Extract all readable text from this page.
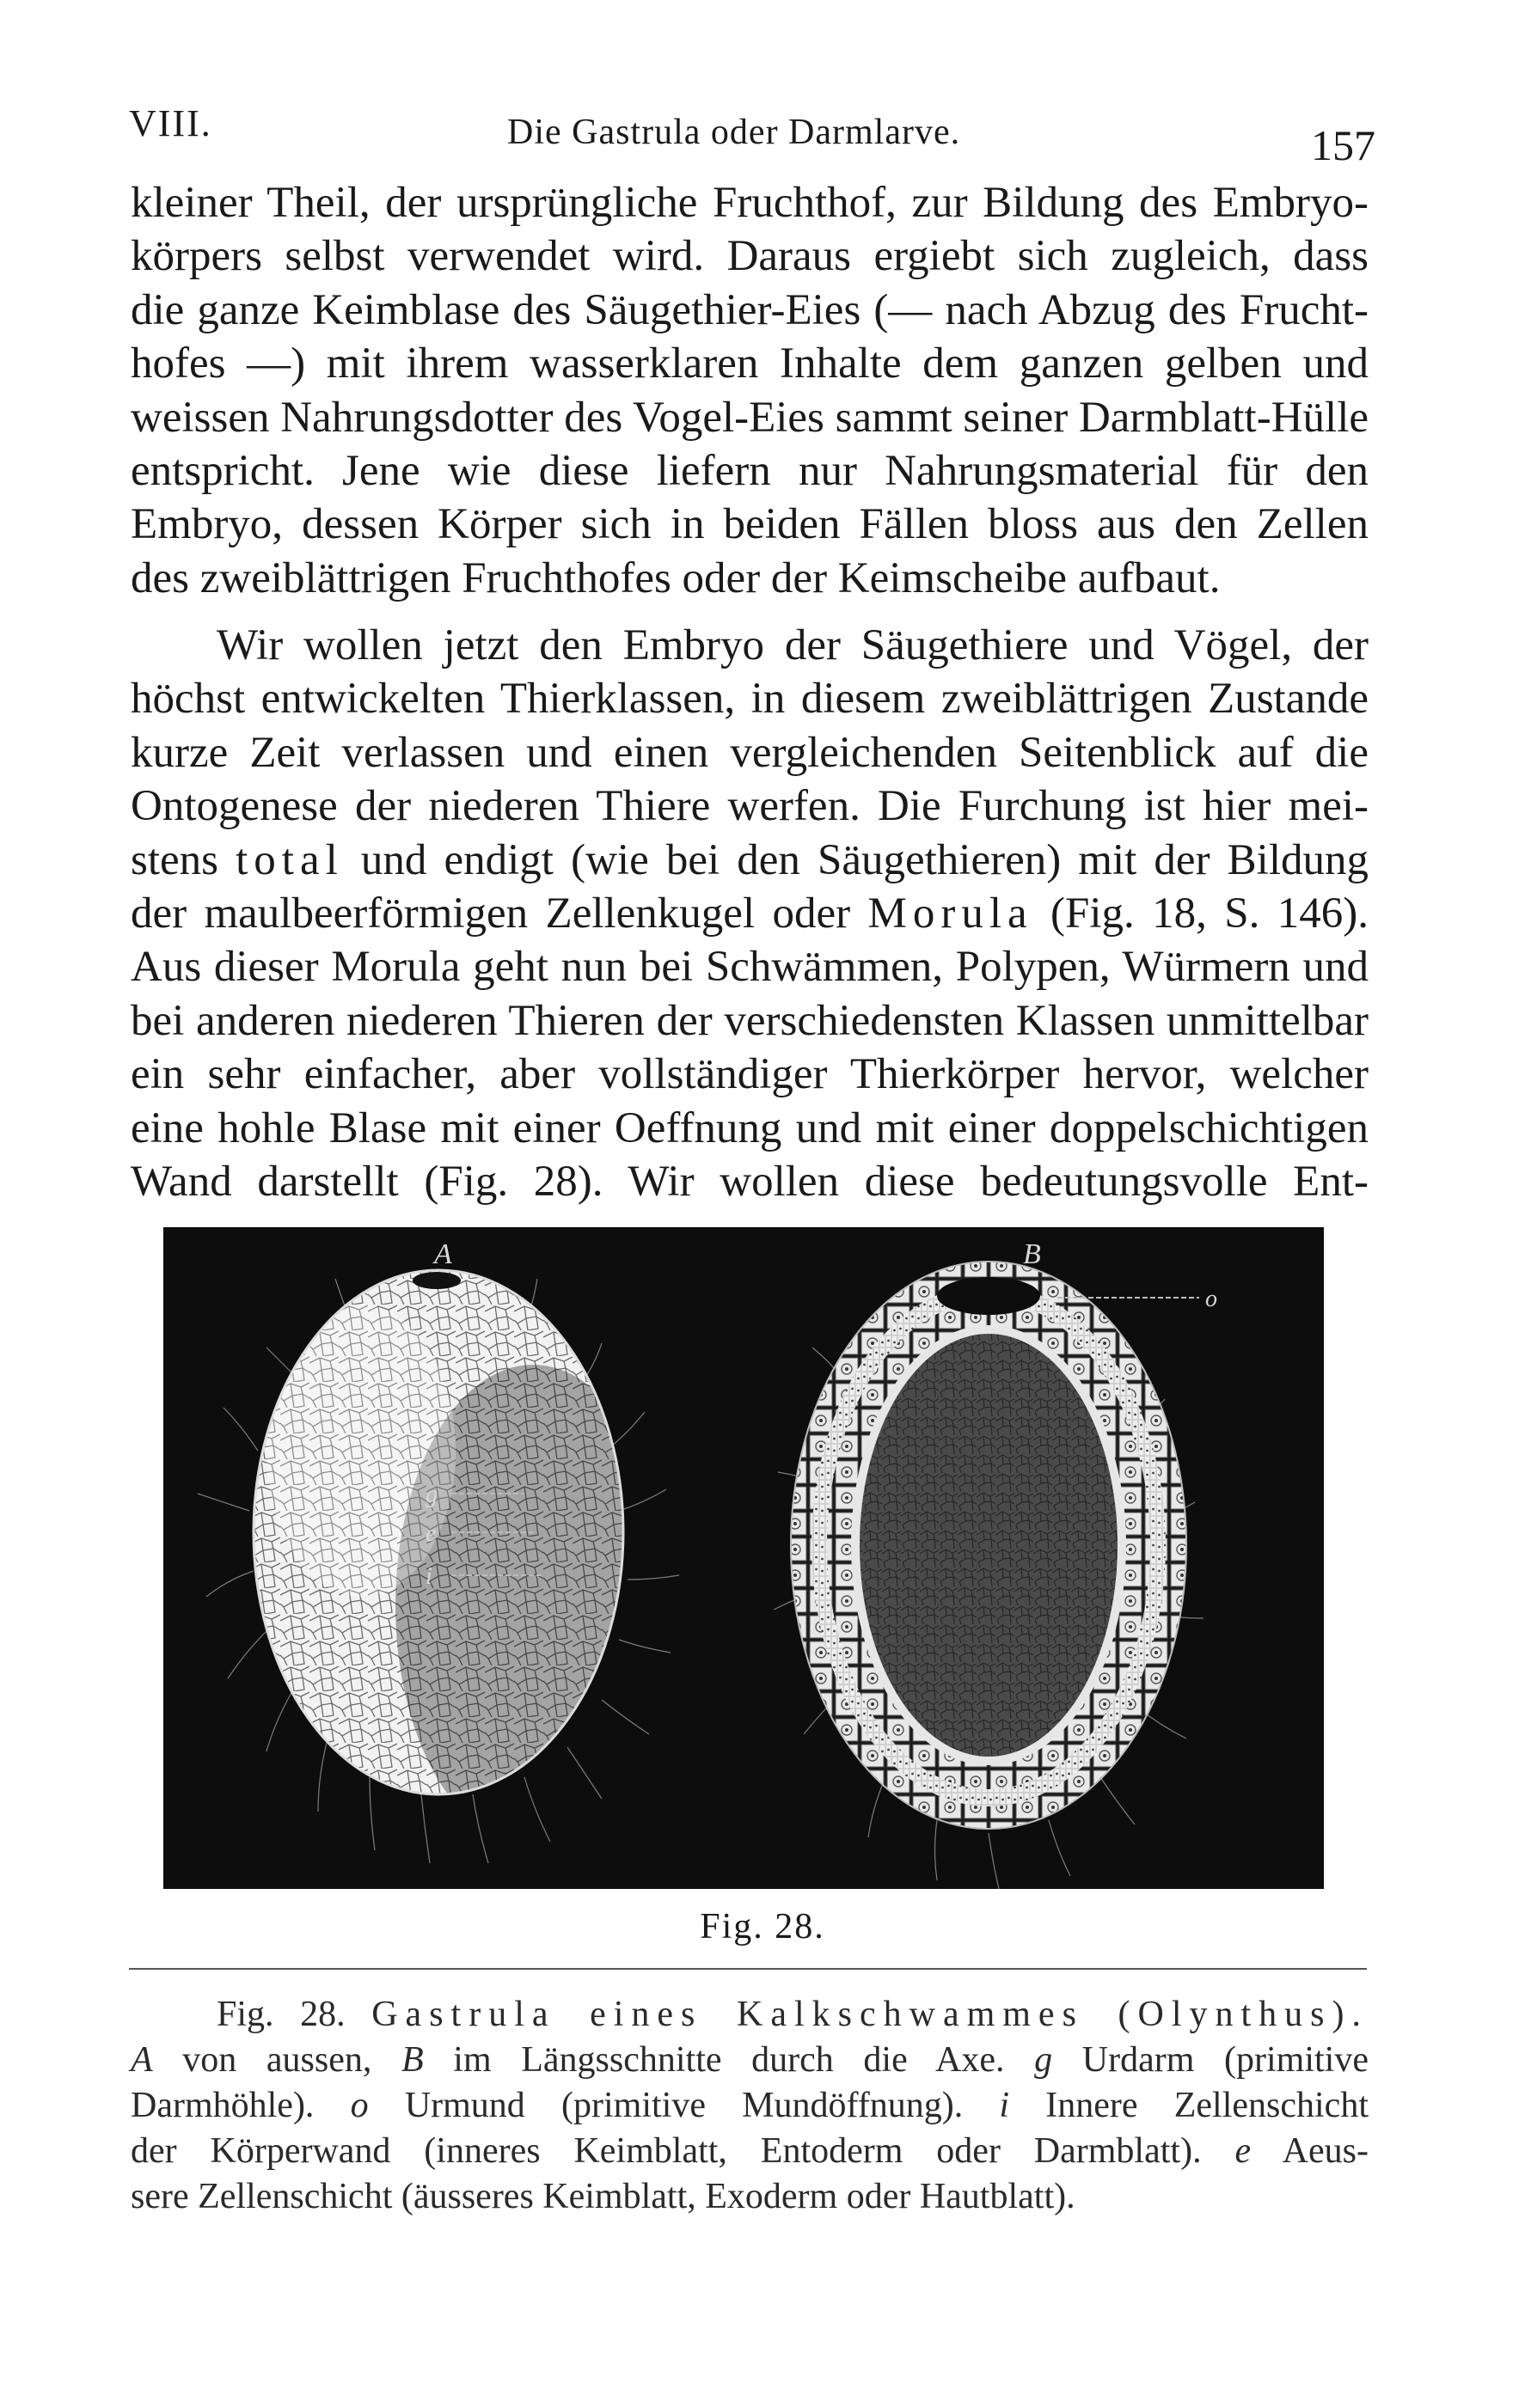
VIII.	Die Gastrula oder Darmlarve.	157
kleiner Theil, der ursprüngliche Fruchthof, zur Bildung des Embryo-
körpers selbst verwendet wird. Daraus ergiebt sich zugleich, dass
die ganze Keimblase des Säugethier-Eies (— nach Abzug des Frucht-
hofes —) mit ihrem wasserklaren Inhalte dem ganzen gelben und
weissen Nahrungsdotter des Vogel-Eies sammt seiner Darmblatt-Hülle
entspricht. Jene wie diese liefern nur Nahrungsmaterial für den
Embryo, dessen Körper sich in beiden Fällen bloss aus den Zellen
des zweiblättrigen Fruchthofes oder der Keimscheibe aufbaut.
Wir wollen jetzt den Embryo der Säugethiere und Vögel, der
höchst entwickelten Thierklassen, in diesem zweiblättrigen Zustande
kurze Zeit verlassen und einen vergleichenden Seitenblick auf die
Ontogenese der niederen Thiere werfen. Die Furchung ist hier mei-
stens total und endigt (wie bei den Säugethieren) mit der Bildung
der maulbeerförmigen Zellenkugel oder Morula (Fig. 18, S. 146).
Aus dieser Morula geht nun bei Schwämmen, Polypen, Würmern und
bei anderen niederen Thieren der verschiedensten Klassen unmittelbar
ein sehr einfacher, aber vollständiger Thierkörper hervor, welcher
eine hohle Blase mit einer Oeffnung und mit einer doppelschichtigen
Wand darstellt (Fig. 28). Wir wollen diese bedeutungsvolle Ent-
A	B
o
g
e
i
Fig. 28.
Fig. 28. Gastrula eines Kalkschwammes (Olynthus).
A von aussen, B im Längsschnitte durch die Axe. g Urdarm (primitive
Darmhöhle). o Urmund (primitive Mundöffnung). i Innere Zellenschicht
der Körperwand (inneres Keimblatt, Entoderm oder Darmblatt). e Aeus-
sere Zellenschicht (äusseres Keimblatt, Exoderm oder Hautblatt).
